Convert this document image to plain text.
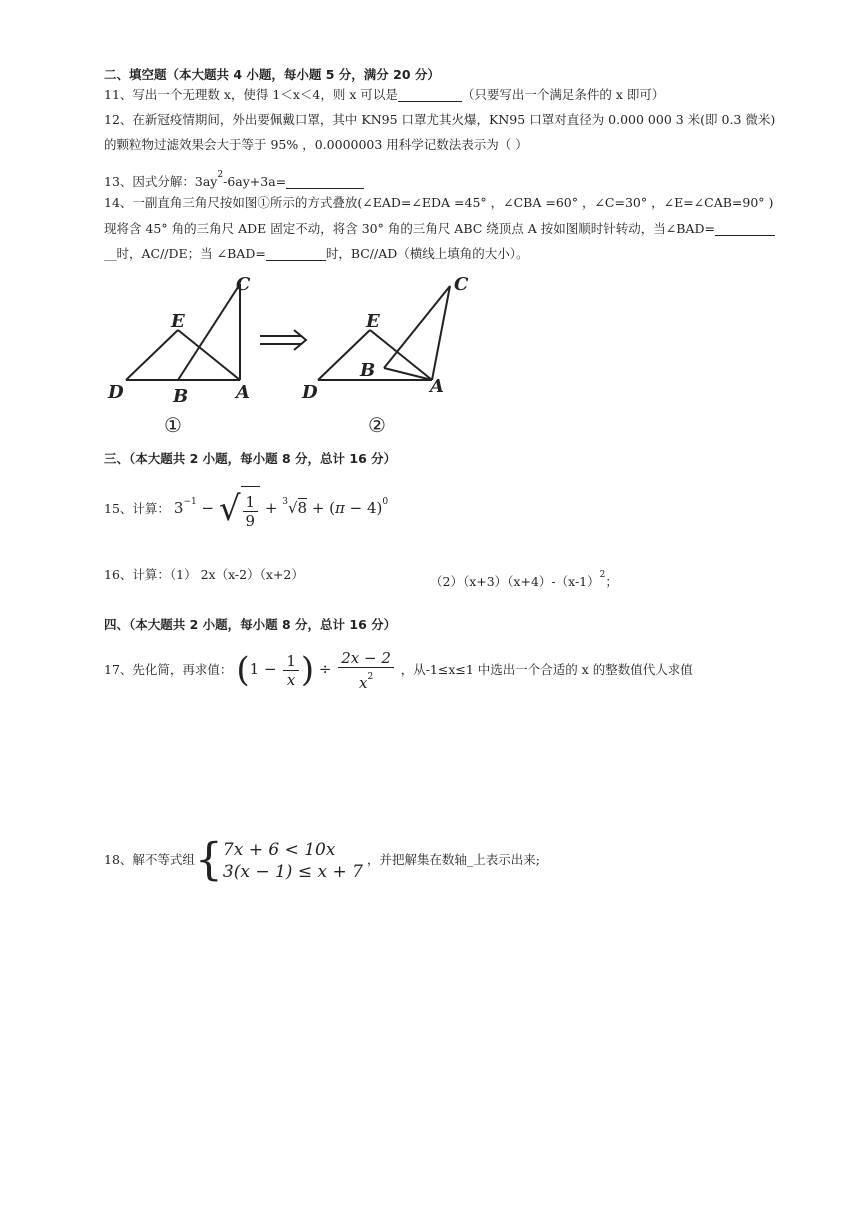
二、填空题（本大题共 4 小题，每小题 5 分，满分 20 分）
11、写出一个无理数 x，使得 1＜x＜4，则 x 可以是	（只要写出一个满足条件的 x 即可）
12、在新冠疫情期间，外出要佩戴口罩，其中 KN95 口罩尤其火爆，KN95 口罩对直径为 0.000 000 3 米(即 0.3 微米)
的颗粒物过滤效果会大于等于 95% ，0.0000003 用科学记数法表示为（ ）
13、因式分解：$3ay^2-6ay+3a=$
14、一副直角三角尺按如图①所示的方式叠放(∠EAD=∠EDA =45° ，∠CBA =60° ，∠C=30° ，∠E=∠CAB=90° )
现将含 45° 角的三角尺 ADE 固定不动，将含 30° 角的三角尺 ABC 绕顶点 A 按如图顺时针转动，当∠BAD=
__时，AC//DE；当 ∠BAD=	时，BC//AD（横线上填角的大小）。
C
E
D	B	A
①
C
E
D
B
A
②
三、（本大题共 2 小题，每小题 8 分，总计 16 分）
15、计算： $3^{-1}$ − √ $\frac{1}{9} + ^3√8 + (\pi - 4)^0$
16、计算：（1） 2x（x-2）（x+2）	$(2)(x+3)(x+4)-(x-1)^2$；
四、（本大题共 2 小题，每小题 8 分，总计 16 分）
17、先化简，再求值： ($1 - \frac{1}{x}$ ) ÷ $\frac{2x - 2}{x^2}$ ，从-1≤x≤1 中选出一个合适的 x 的整数值代人求值
18、解不等式组{ 7x + 6 < 10x
3(x − 1) ≤ x + 7
，并把解集在数轴_上表示出来;
